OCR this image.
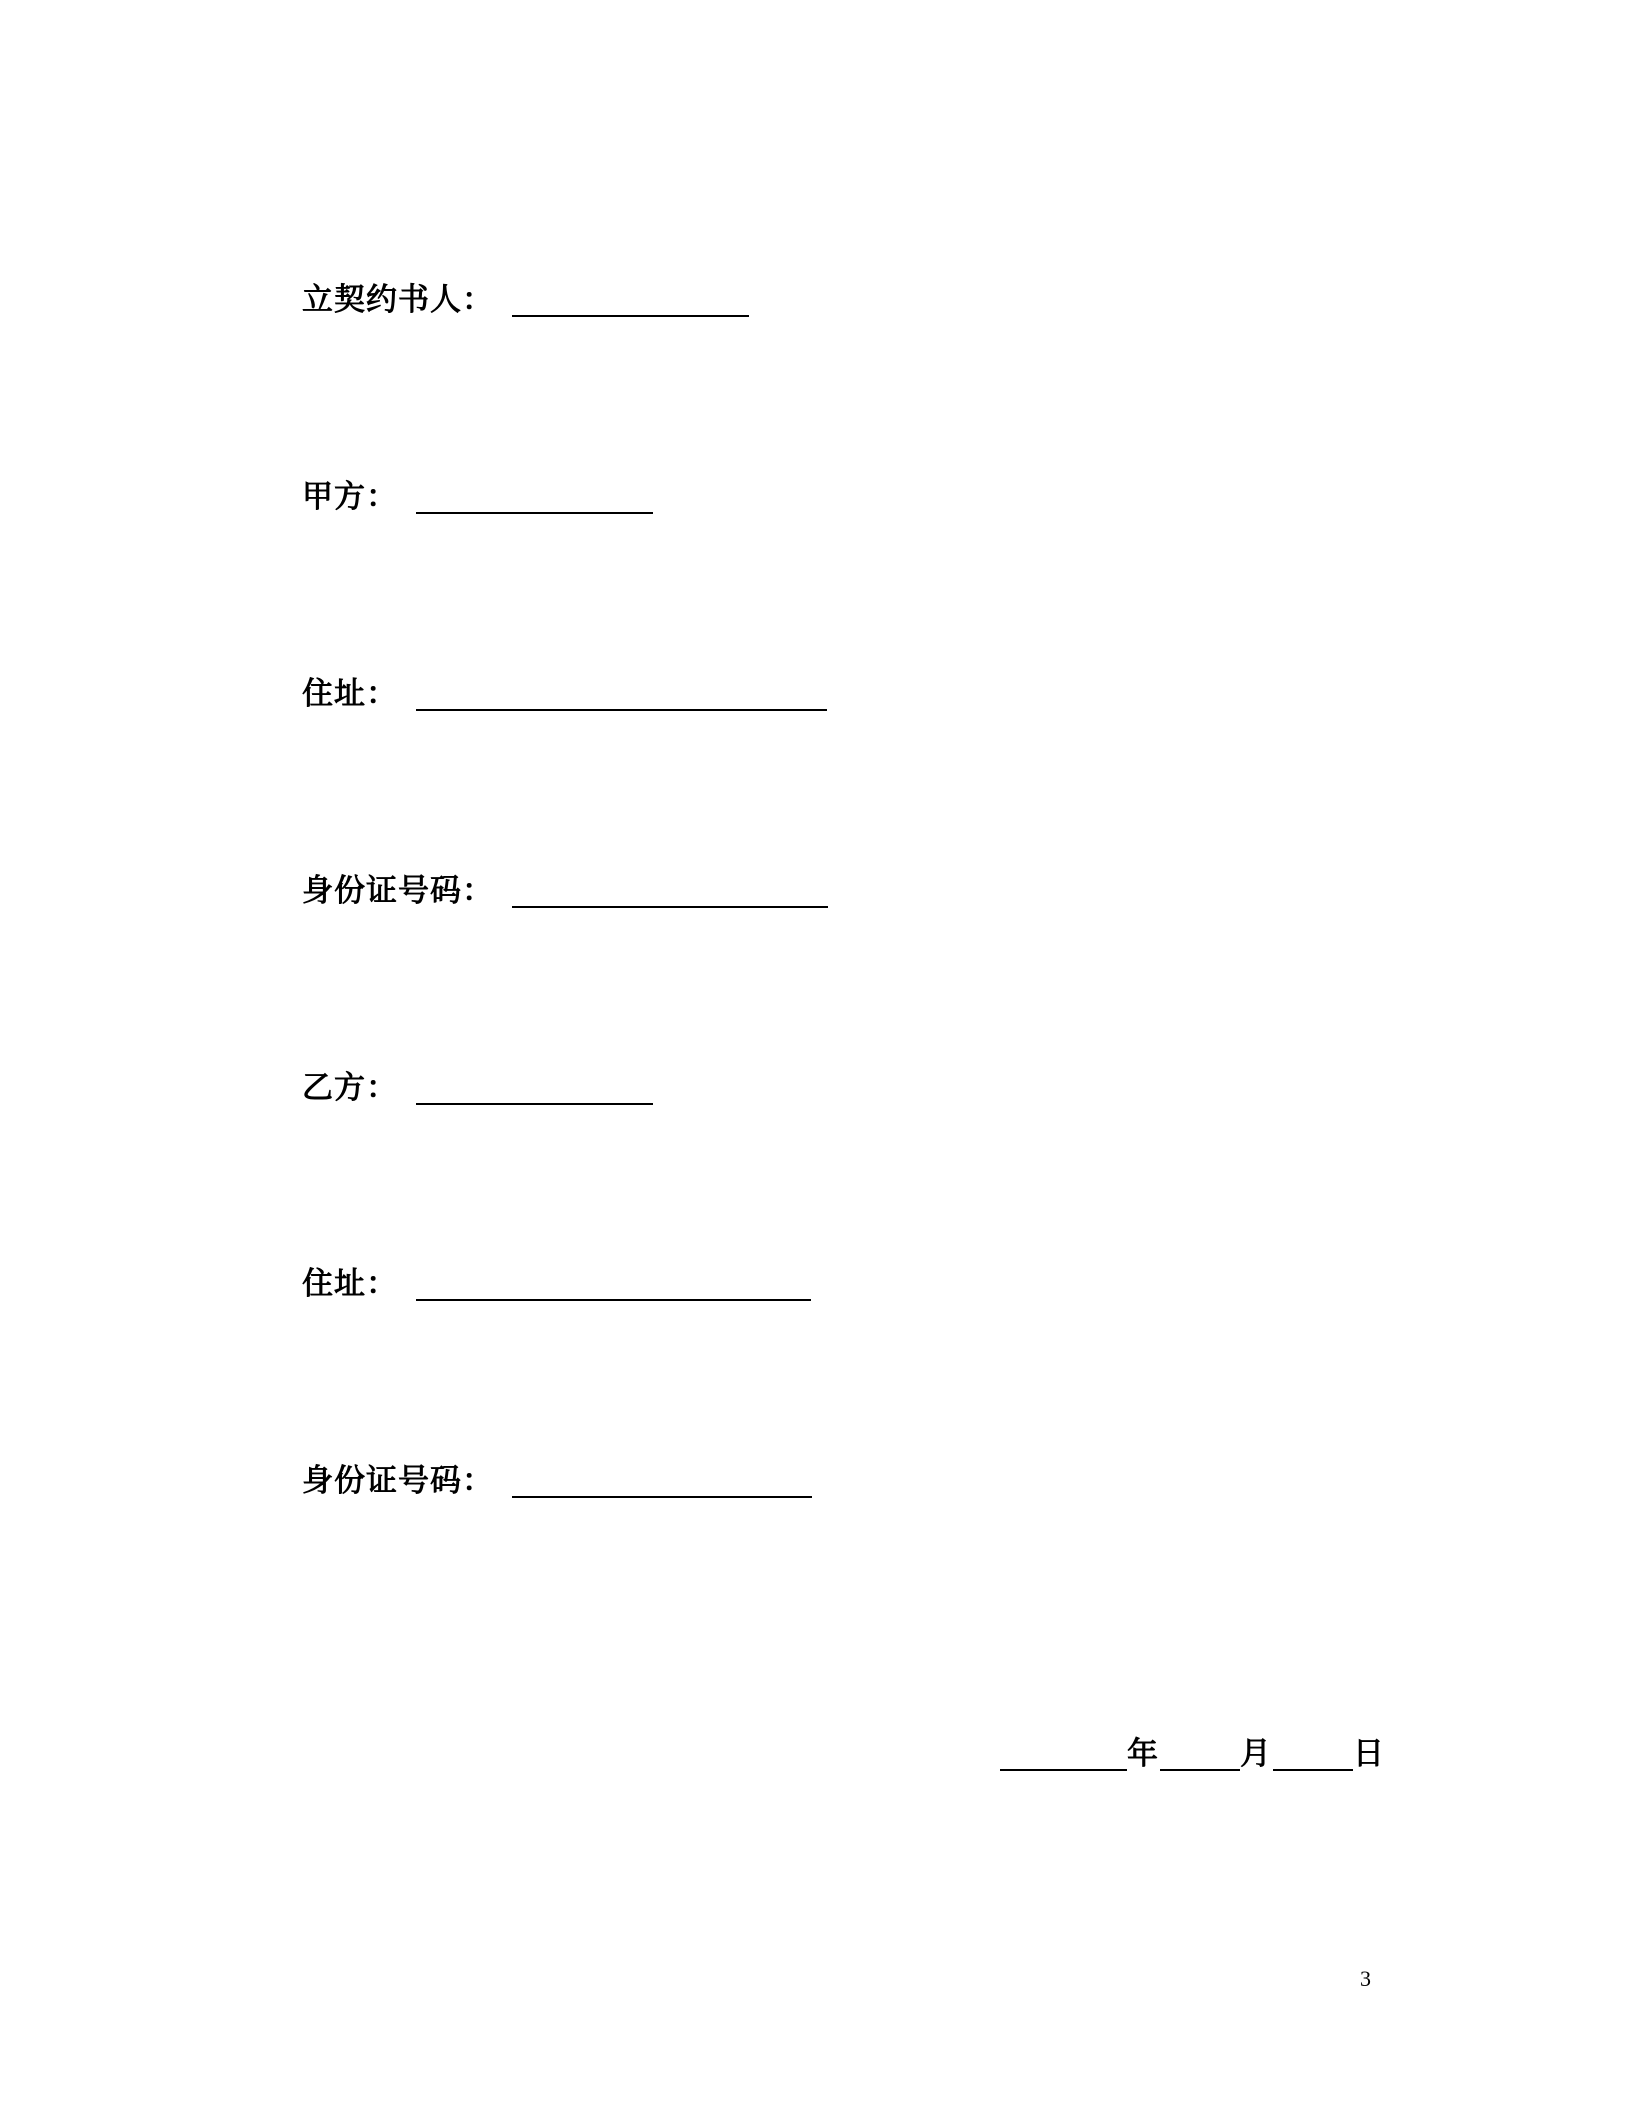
立契约书人：
甲方：
住址：
身份证号码：
乙方：
住址：
身份证号码：
年	月	日
3
